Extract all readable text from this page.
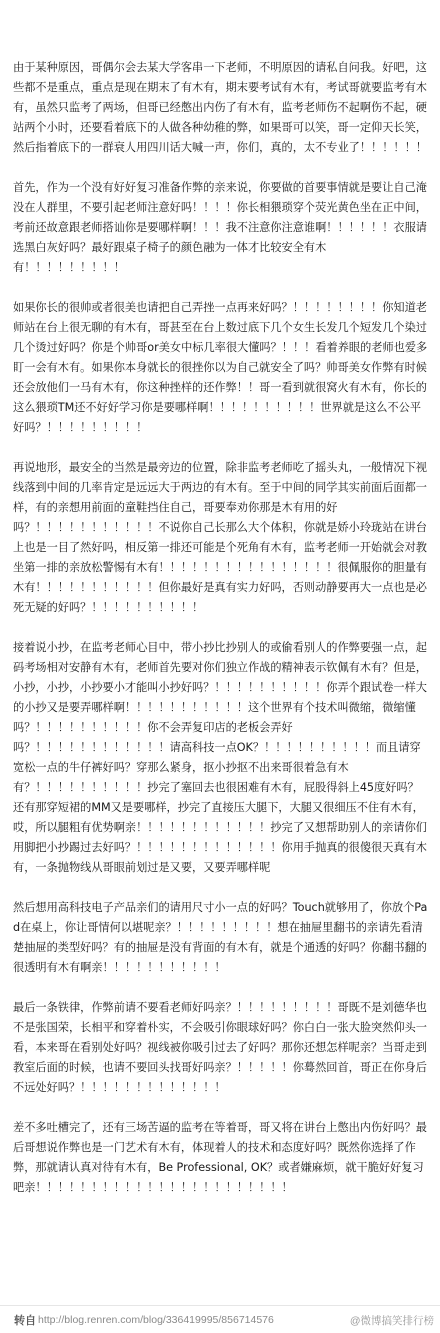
由于某种原因，哥偶尔会去某大学客串一下老师，不明原因的请私自问我。好吧，这些都不是重点，重点是现在期末了有木有，期末要考试有木有，考试哥就要监考有木有，虽然只监考了两场，但哥已经憋出内伤了有木有，监考老师伤不起啊伤不起，硬站两个小时，还要看着底下的人做各种幼稚的弊，如果哥可以笑，哥一定仰天长笑，然后指着底下的一群衰人用四川话大喊一声，你们，真的，太不专业了！！！！！！

首先，作为一个没有好好复习准备作弊的亲来说，你要做的首要事情就是要让自己淹没在人群里，不要引起老师注意好吗！！！！你长相猥琐穿个荧光黄色坐在正中间，考前还故意跟老师搭讪你是要哪样啊！！！我不注意你注意谁啊！！！！！！衣服请选黑白灰好吗？最好跟桌子椅子的颜色融为一体才比较安全有木有！！！！！！！！！

如果你长的很帅或者很美也请把自己弄挫一点再来好吗？！！！！！！！！你知道老师站在台上很无聊的有木有，哥甚至在台上数过底下几个女生长发几个短发几个染过几个烫过好吗？你是个帅哥or美女中标几率很大懂吗？！！！看着养眼的老师也爱多盯一会有木有。如果你本身就长的很挫你以为自己就安全了吗？帅哥美女作弊有时候还会放他们一马有木有，你这种挫样的还作弊！！哥一看到就很窝火有木有，你长的这么猥琐TM还不好好学习你是要哪样啊！！！！！！！！！！世界就是这么不公平好吗？！！！！！！！！！

再说地形，最安全的当然是最旁边的位置，除非监考老师吃了摇头丸，一般情况下视线落到中间的几率肯定是远远大于两边的有木有。至于中间的同学其实前面后面都一样，有的亲想用前面的童鞋挡住自己，哥要奉劝你那是木有用的好吗？！！！！！！！！！！！不说你自己长那么大个体积，你就是娇小玲珑站在讲台上也是一目了然好吗，相反第一排还可能是个死角有木有，监考老师一开始就会对教坐第一排的亲放松警惕有木有！！！！！！！！！！！！！！！！很佩服你的胆量有木有！！！！！！！！！！！但你最好是真有实力好吗，否则动静要再大一点也是必死无疑的好吗？！！！！！！！！！！

接着说小抄，在监考老师心目中，带小抄比抄别人的或偷看别人的作弊要强一点，起码考场相对安静有木有，老师首先要对你们独立作战的精神表示钦佩有木有？但是，小抄，小抄，小抄要小才能叫小抄好吗？！！！！！！！！！！你弄个跟试卷一样大的小抄又是要弄哪样啊！！！！！！！！！！！这个世界有个技术叫微缩，微缩懂吗？！！！！！！！！！！你不会弄复印店的老板会弄好吗？！！！！！！！！！！！！请高科技一点OK？！！！！！！！！！！而且请穿宽松一点的牛仔裤好吗？穿那么紧身，抠小抄抠不出来哥很着急有木有？！！！！！！！！！！抄完了塞回去也很困难有木有，屁股得斜上45度好吗？还有那穿短裙的MM又是要哪样，抄完了直接压大腿下，大腿又很细压不住有木有，哎，所以腿粗有优势啊亲！！！！！！！！！！！！抄完了又想帮助别人的亲请你们用脚把小抄踢过去好吗？！！！！！！！！！！！！！你用手抛真的很傻很天真有木有，一条抛物线从哥眼前划过是又要，又要弄哪样呢

然后想用高科技电子产品亲们的请用尺寸小一点的好吗？Touch就够用了，你放个Pad在桌上，你让哥情何以堪呢亲？！！！！！！！！！想在抽屉里翻书的亲请先看清楚抽屉的类型好吗？有的抽屉是没有背面的有木有，就是个通透的好吗？你翻书翻的很透明有木有啊亲！！！！！！！！！！！

最后一条铁律，作弊前请不要看老师好吗亲？！！！！！！！！！哥既不是刘德华也不是张国荣，长相平和穿着朴实，不会吸引你眼球好吗？你白白一张大脸突然仰头一看，本来哥在看别处好吗？视线被你吸引过去了好吗？那你还想怎样呢亲？当哥走到教室后面的时候，也请不要回头找哥好吗亲？！！！！！你蓦然回首，哥正在你身后不远处好吗？！！！！！！！！！！！！！

差不多吐槽完了，还有三场苦逼的监考在等着哥，哥又将在讲台上憋出内伤好吗？最后哥想说作弊也是一门艺术有木有，体现着人的技术和态度好吗？既然你选择了作弊，那就请认真对待有木有，Be Professional, OK？或者嫌麻烦，就干脆好好复习吧亲！！！！！！！！！！！！！！！！！！！！！！！

转自 http://blog.renren.com/blog/336419995/856714576	@微博搞笑排行榜
